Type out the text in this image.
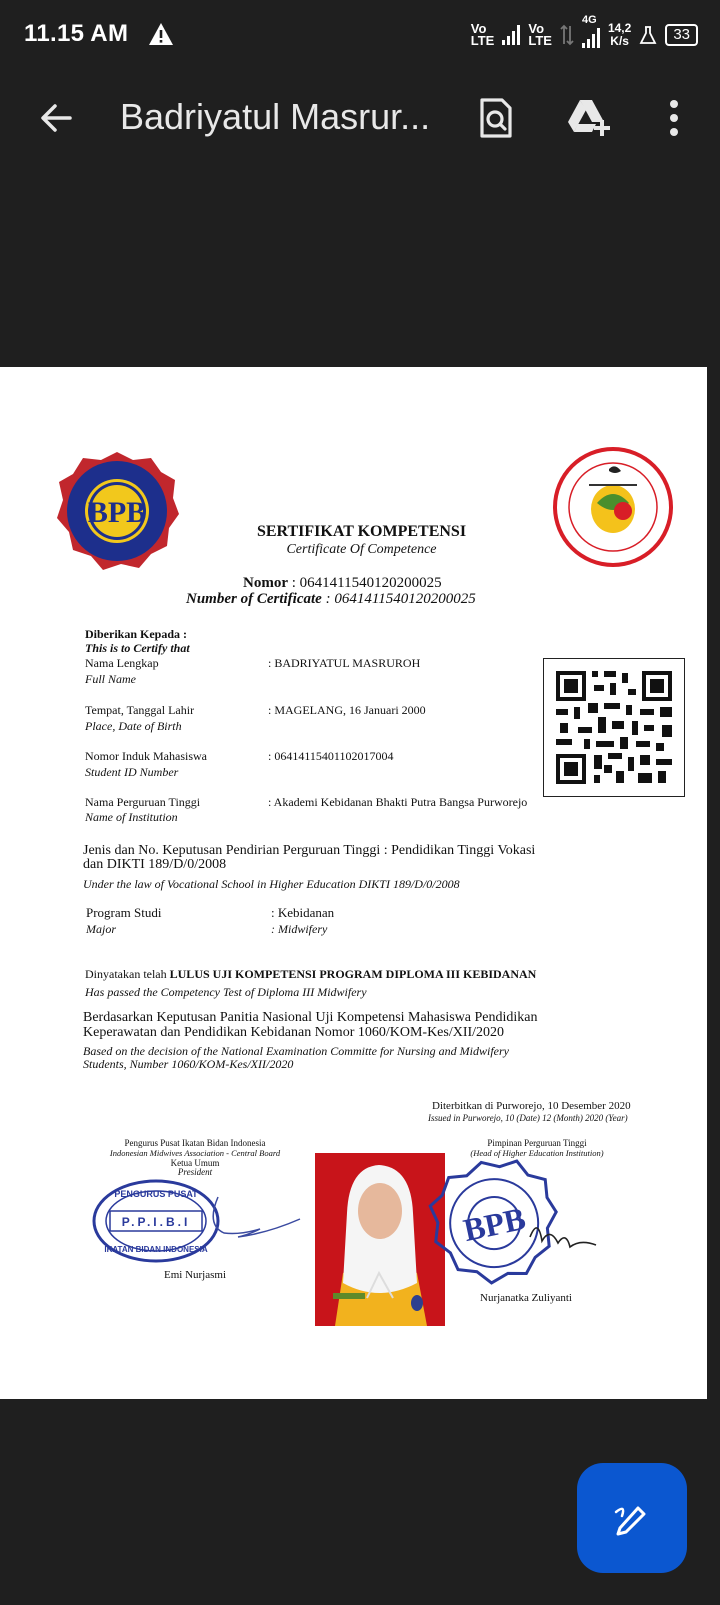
11.15 AM	Vo
LTE
Vo
LTE
4G
14,2
K/s	33
Badriyatul Masrur...
BPB
SERTIFIKAT KOMPETENSI
Certificate Of Competence
Nomor : 0641411540120200025
Number of Certificate : 0641411540120200025
Diberikan Kepada :
This is to Certify that
Nama Lengkap
Full Name
: BADRIYATUL MASRUROH
Tempat, Tanggal Lahir
Place, Date of Birth
: MAGELANG, 16 Januari 2000
Nomor Induk Mahasiswa
Student ID Number
: 06414115401102017004
Nama Perguruan Tinggi
Name of Institution
: Akademi Kebidanan Bhakti Putra Bangsa Purworejo
Jenis dan No. Keputusan Pendirian Perguruan Tinggi : Pendidikan Tinggi Vokasi
dan DIKTI 189/D/0/2008
Under the law of Vocational School in Higher Education DIKTI 189/D/0/2008
Program Studi	: Kebidanan
Major	: Midwifery
Dinyatakan telah LULUS UJI KOMPETENSI PROGRAM DIPLOMA III KEBIDANAN
Has passed the Competency Test of Diploma III Midwifery
Berdasarkan Keputusan Panitia Nasional Uji Kompetensi Mahasiswa Pendidikan
Keperawatan dan Pendidikan Kebidanan Nomor 1060/KOM-Kes/XII/2020
Based on the decision of the National Examination Committe for Nursing and Midwifery
Students, Number 1060/KOM-Kes/XII/2020
Diterbitkan di Purworejo, 10 Desember 2020
Issued in Purworejo, 10 (Date) 12 (Month) 2020 (Year)
Pengurus Pusat Ikatan Bidan Indonesia
Indonesian Midwives Association - Central Board
Ketua Umum
President
P.P.I.B.I
PENGURUS PUSAT
IKATAN BIDAN INDONESIA
Emi Nurjasmi
Pimpinan Perguruan Tinggi
(Head of Higher Education Institution)
BPB
Nurjanatka Zuliyanti
